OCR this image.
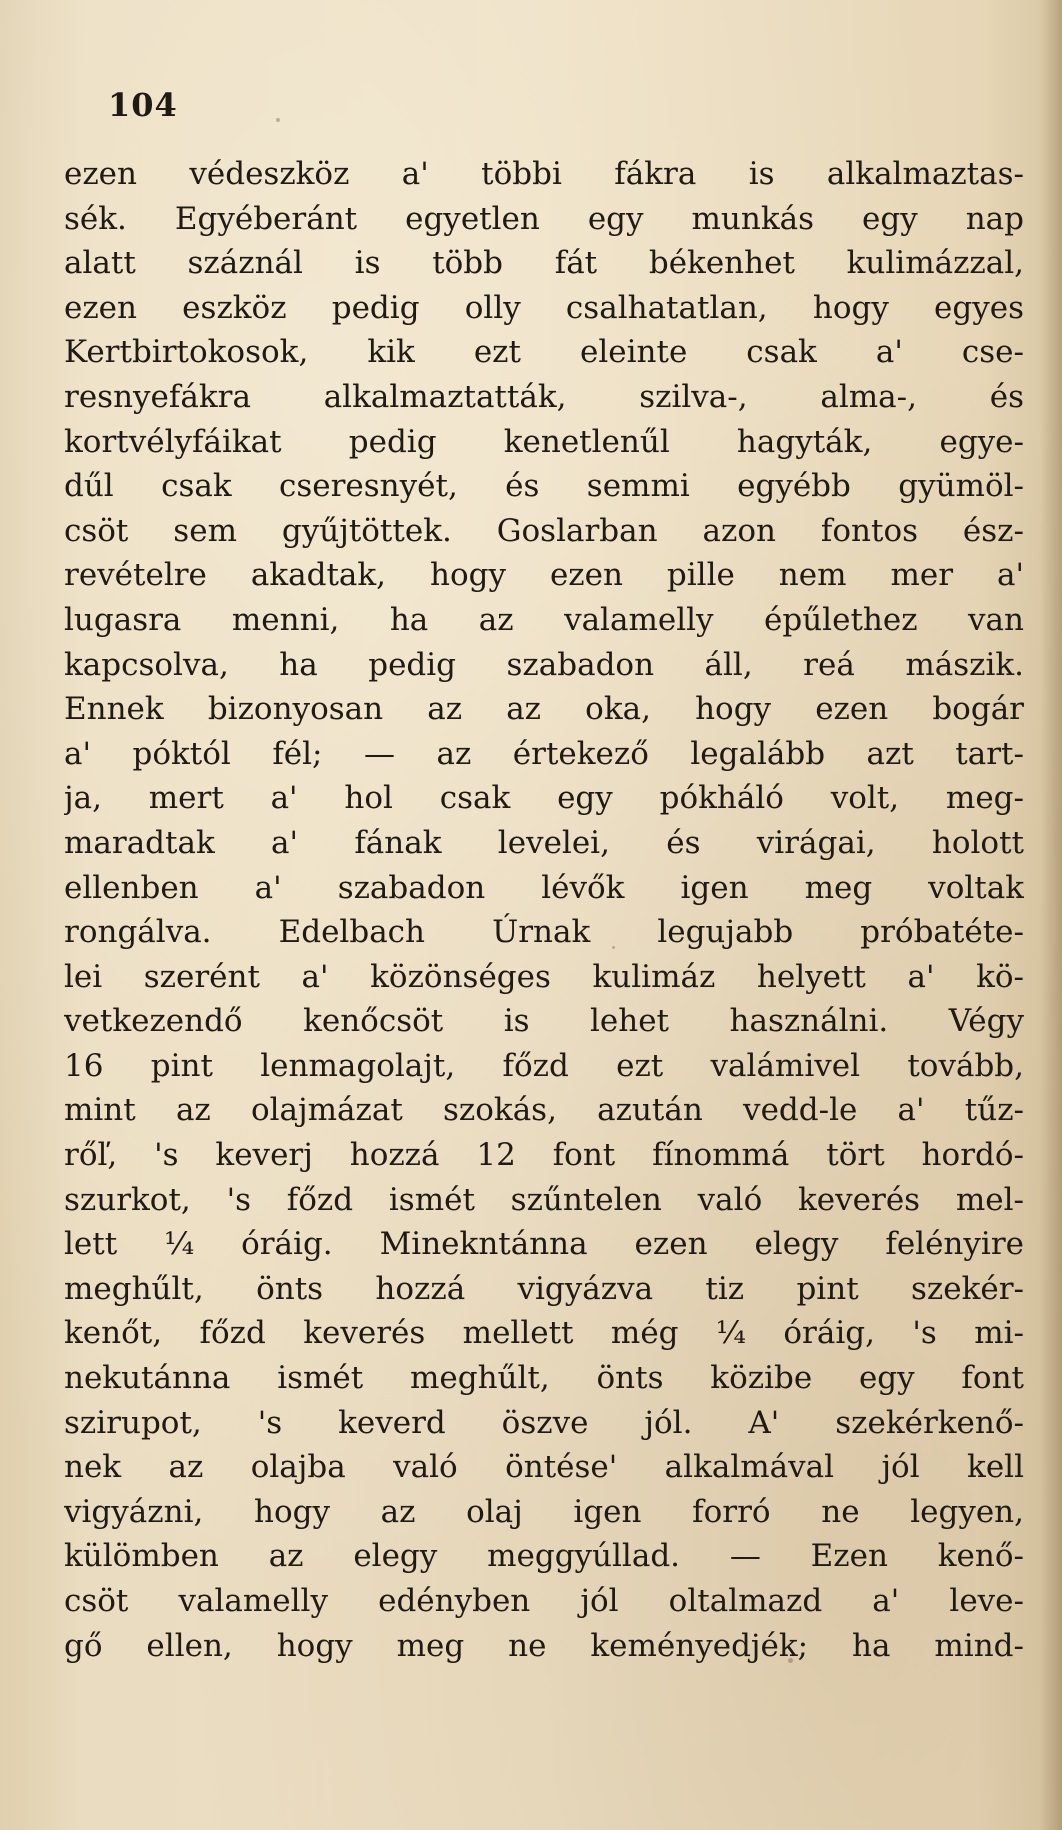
104
ezen védeszköz a' többi fákra is alkalmaztas-
sék. Egyéberánt egyetlen egy munkás egy nap
alatt száznál is több fát békenhet kulimázzal,
ezen eszköz pedig olly csalhatatlan, hogy egyes
Kertbirtokosok, kik ezt eleinte csak a' cse-
resnyefákra alkalmaztatták, szilva-, alma-, és
kortvélyfáikat pedig kenetlenűl hagyták, egye-
dűl csak cseresnyét, és semmi egyébb gyümöl-
csöt sem gyűjtöttek. Goslarban azon fontos ész-
revételre akadtak, hogy ezen pille nem mer a'
lugasra menni, ha az valamelly épűlethez van
kapcsolva, ha pedig szabadon áll, reá mászik.
Ennek bizonyosan az az oka, hogy ezen bogár
a' póktól fél; — az értekező legalább azt tart-
ja, mert a' hol csak egy pókháló volt, meg-
maradtak a' fának levelei, és virágai, holott
ellenben a' szabadon lévők igen meg voltak
rongálva. Edelbach Úrnak legujabb próbatéte-
lei szerént a' közönséges kulimáz helyett a' kö-
vetkezendő kenőcsöt is lehet használni. Végy
16 pint lenmagolajt, főzd ezt valámivel tovább,
mint az olajmázat szokás, azután vedd-le a' tűz-
rőľ, 's keverj hozzá 12 font fínommá tört hordó-
szurkot, 's főzd ismét szűntelen való keverés mel-
lett ¼ óráig. Minekntánna ezen elegy felényire
meghűlt, önts hozzá vigyázva tiz pint szekér-
kenőt, főzd keverés mellett még ¼ óráig, 's mi-
nekutánna ismét meghűlt, önts közibe egy font
szirupot, 's keverd öszve jól. A' szekérkenő-
nek az olajba való öntése' alkalmával jól kell
vigyázni, hogy az olaj igen forró ne legyen,
külömben az elegy meggyúllad. — Ezen kenő-
csöt valamelly edényben jól oltalmazd a' leve-
gő ellen, hogy meg ne keményedjék; ha mind-
